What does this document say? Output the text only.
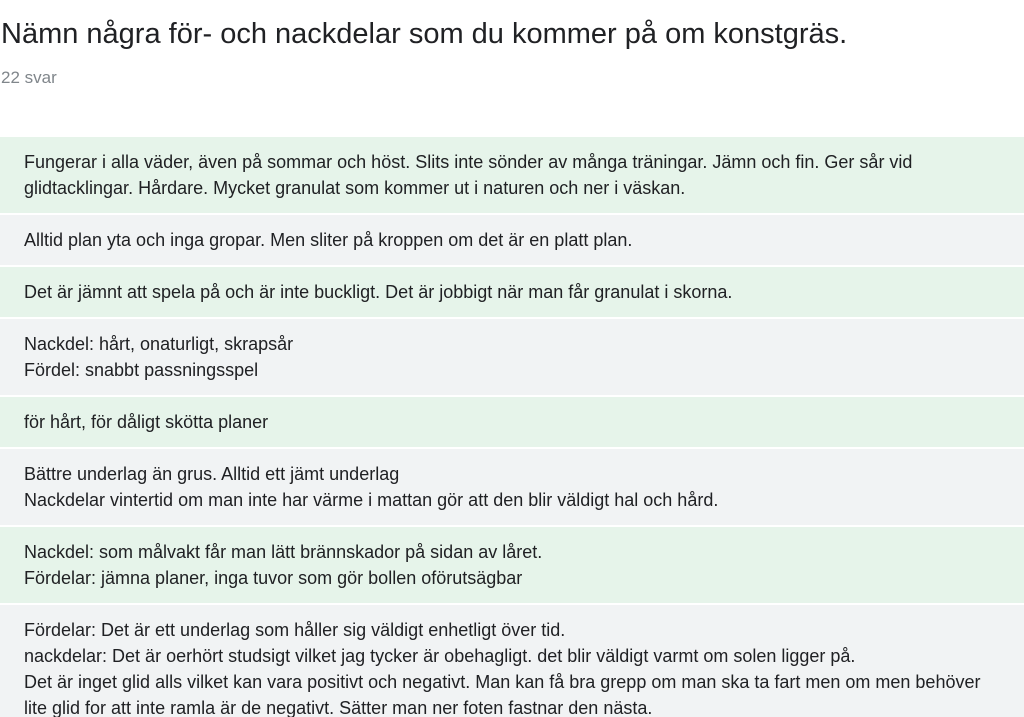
Nämn några för- och nackdelar som du kommer på om konstgräs.
22 svar
Fungerar i alla väder, även på sommar och höst. Slits inte sönder av många träningar. Jämn och fin. Ger sår vid glidtacklingar. Hårdare. Mycket granulat som kommer ut i naturen och ner i väskan.
Alltid plan yta och inga gropar. Men sliter på kroppen om det är en platt plan.
Det är jämnt att spela på och är inte buckligt. Det är jobbigt när man får granulat i skorna.
Nackdel: hårt, onaturligt, skrapsår
Fördel: snabbt passningsspel
för hårt, för dåligt skötta planer
Bättre underlag än grus. Alltid ett jämt underlag
Nackdelar vintertid om man inte har värme i mattan gör att den blir väldigt hal och hård.
Nackdel: som målvakt får man lätt brännskador på sidan av låret.
Fördelar: jämna planer, inga tuvor som gör bollen oförutsägbar
Fördelar: Det är ett underlag som håller sig väldigt enhetligt över tid.
nackdelar: Det är oerhört studsigt vilket jag tycker är obehagligt. det blir väldigt varmt om solen ligger på.
Det är inget glid alls vilket kan vara positivt och negativt. Man kan få bra grepp om man ska ta fart men om men behöver lite glid for att inte ramla är de negativt. Sätter man ner foten fastnar den nästa.
